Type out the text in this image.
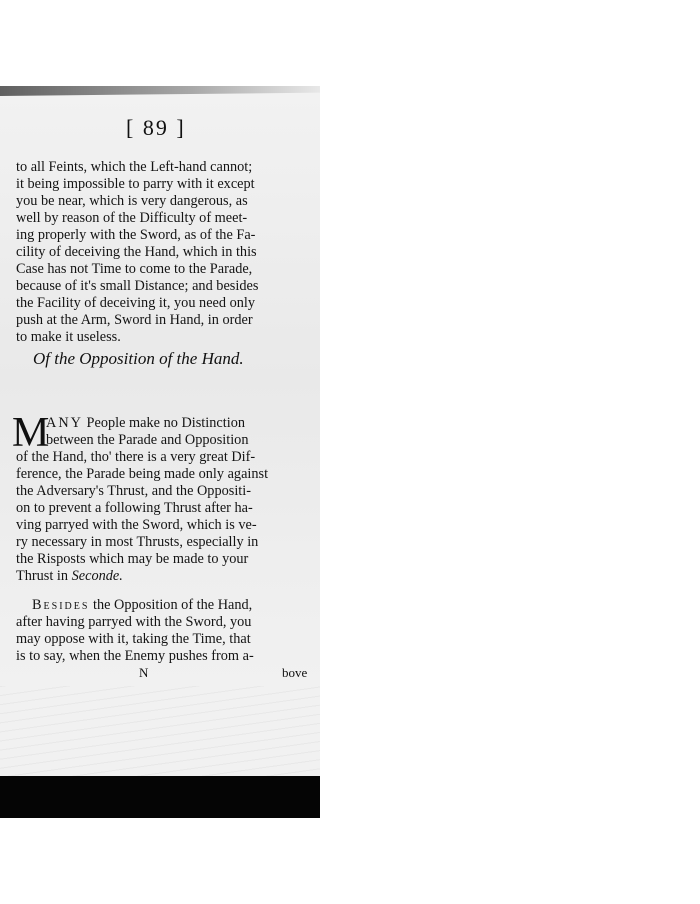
[ 89 ]
to all Feints, which the Left-hand cannot;
it being impossible to parry with it except
you be near, which is very dangerous, as
well by reason of the Difficulty of meet-
ing properly with the Sword, as of the Fa-
cility of deceiving the Hand, which in this
Case has not Time to come to the Parade,
because of it's small Distance; and besides
the Facility of deceiving it, you need only
push at the Arm, Sword in Hand, in order
to make it useless.
Of the Opposition of the Hand.
M
ANY People make no Distinction
between the Parade and Opposition
of the Hand, tho' there is a very great Dif-
ference, the Parade being made only against
the Adversary's Thrust, and the Oppositi-
on to prevent a following Thrust after ha-
ving parryed with the Sword, which is ve-
ry necessary in most Thrusts, especially in
the Risposts which may be made to your
Thrust in Seconde.
Besides the Opposition of the Hand,
after having parryed with the Sword, you
may oppose with it, taking the Time, that
is to say, when the Enemy pushes from a-
N	bove
